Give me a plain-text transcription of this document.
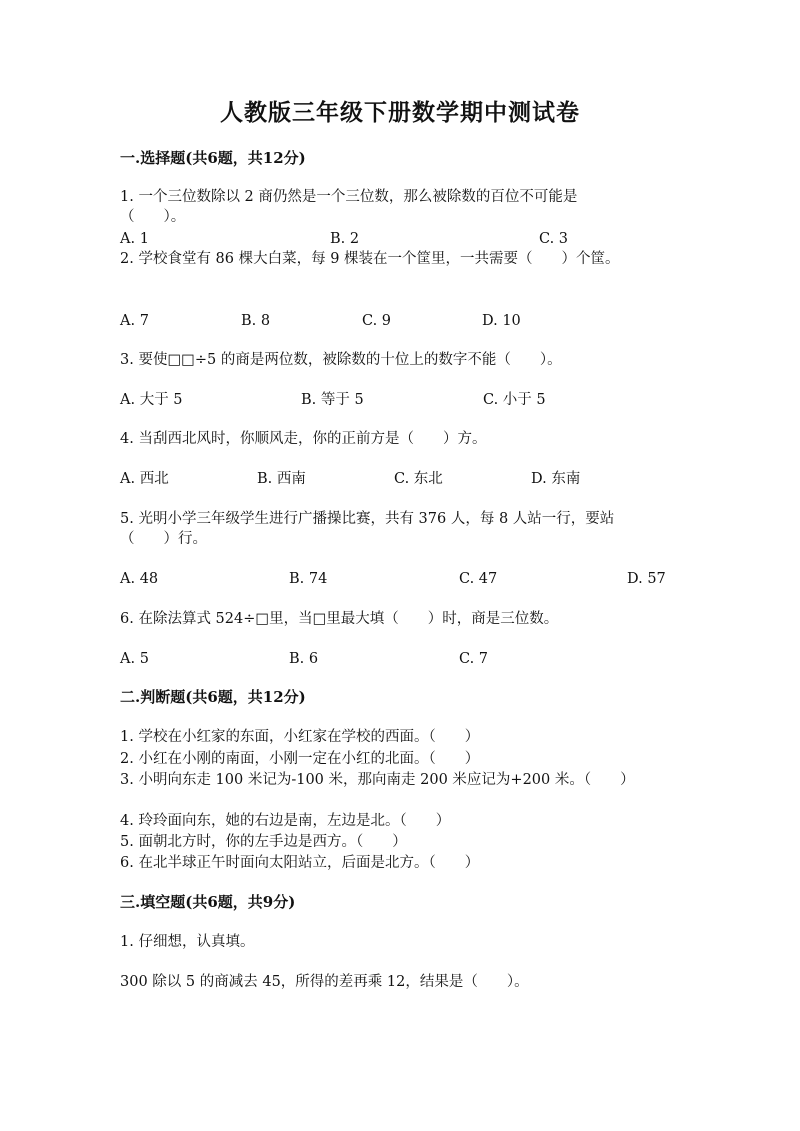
人教版三年级下册数学期中测试卷
一.选择题(共6题，共12分)
1. 一个三位数除以 2 商仍然是一个三位数，那么被除数的百位不可能是
（　　）。
A. 1	B. 2	C. 3
2. 学校食堂有 86 棵大白菜，每 9 棵装在一个筐里，一共需要（　　）个筐。
A. 7	B. 8	C. 9	D. 10
3. 要使□□÷5 的商是两位数，被除数的十位上的数字不能（　　）。
A. 大于 5	B. 等于 5	C. 小于 5
4. 当刮西北风时，你顺风走，你的正前方是（　　）方。
A. 西北	B. 西南	C. 东北	D. 东南
5. 光明小学三年级学生进行广播操比赛，共有 376 人，每 8 人站一行，要站
（　　）行。
A. 48	B. 74	C. 47	D. 57
6. 在除法算式 524÷□里，当□里最大填（　　）时，商是三位数。
A. 5	B. 6	C. 7
二.判断题(共6题，共12分)
1. 学校在小红家的东面，小红家在学校的西面。（　　）
2. 小红在小刚的南面，小刚一定在小红的北面。（　　）
3. 小明向东走 100 米记为-100 米，那向南走 200 米应记为+200 米。（　　）
4. 玲玲面向东，她的右边是南，左边是北。（　　）
5. 面朝北方时，你的左手边是西方。（　　）
6. 在北半球正午时面向太阳站立，后面是北方。（　　）
三.填空题(共6题，共9分)
1. 仔细想，认真填。
300 除以 5 的商减去 45，所得的差再乘 12，结果是（　　）。
